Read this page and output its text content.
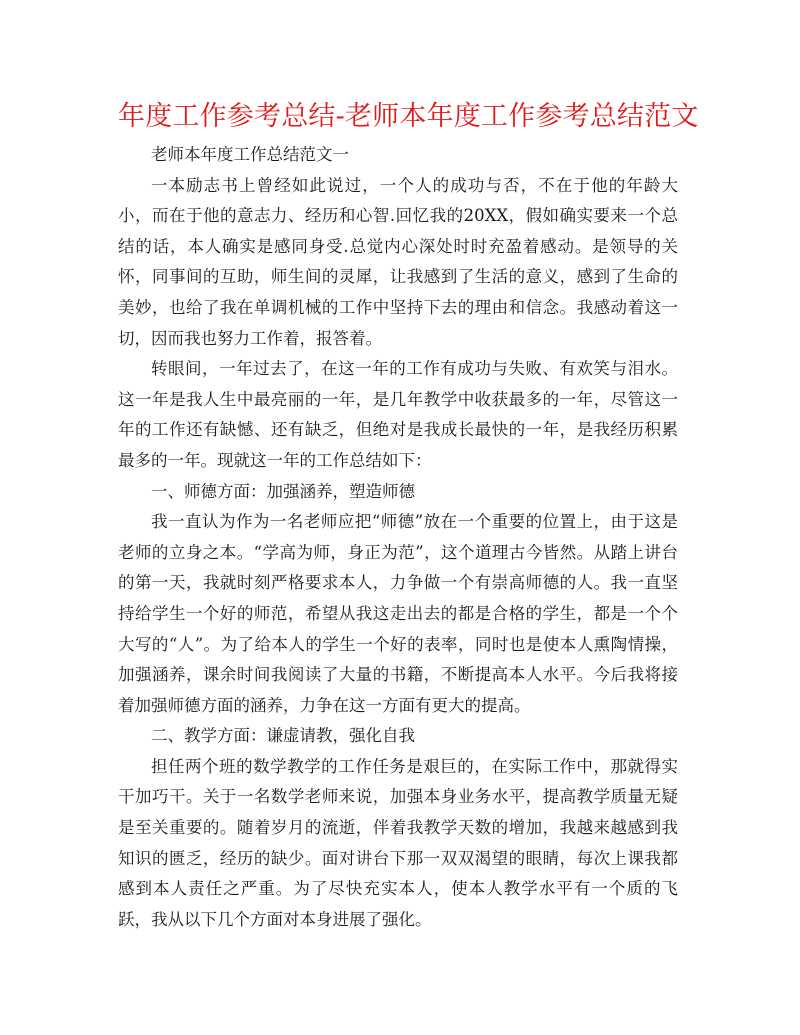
年度工作参考总结-老师本年度工作参考总结范文

老师本年度工作总结范文一

一本励志书上曾经如此说过，一个人的成功与否，不在于他的年龄大小，而在于他的意志力、经历和心智.回忆我的20XX，假如确实要来一个总结的话，本人确实是感同身受.总觉内心深处时时充盈着感动。是领导的关怀，同事间的互助，师生间的灵犀，让我感到了生活的意义，感到了生命的美妙，也给了我在单调机械的工作中坚持下去的理由和信念。我感动着这一切，因而我也努力工作着，报答着。

转眼间，一年过去了，在这一年的工作有成功与失败、有欢笑与泪水。这一年是我人生中最亮丽的一年，是几年教学中收获最多的一年，尽管这一年的工作还有缺憾、还有缺乏，但绝对是我成长最快的一年，是我经历积累最多的一年。现就这一年的工作总结如下：

一、师德方面：加强涵养，塑造师德

我一直认为作为一名老师应把“师德”放在一个重要的位置上，由于这是老师的立身之本。“学高为师，身正为范”，这个道理古今皆然。从踏上讲台的第一天，我就时刻严格要求本人，力争做一个有崇高师德的人。我一直坚持给学生一个好的师范，希望从我这走出去的都是合格的学生，都是一个个大写的“人”。为了给本人的学生一个好的表率，同时也是使本人熏陶情操，加强涵养，课余时间我阅读了大量的书籍，不断提高本人水平。今后我将接着加强师德方面的涵养，力争在这一方面有更大的提高。

二、教学方面：谦虚请教，强化自我

担任两个班的数学教学的工作任务是艰巨的，在实际工作中，那就得实干加巧干。关于一名数学老师来说，加强本身业务水平，提高教学质量无疑是至关重要的。随着岁月的流逝，伴着我教学天数的增加，我越来越感到我知识的匮乏，经历的缺少。面对讲台下那一双双渴望的眼睛，每次上课我都感到本人责任之严重。为了尽快充实本人，使本人教学水平有一个质的飞跃，我从以下几个方面对本身进展了强化。
